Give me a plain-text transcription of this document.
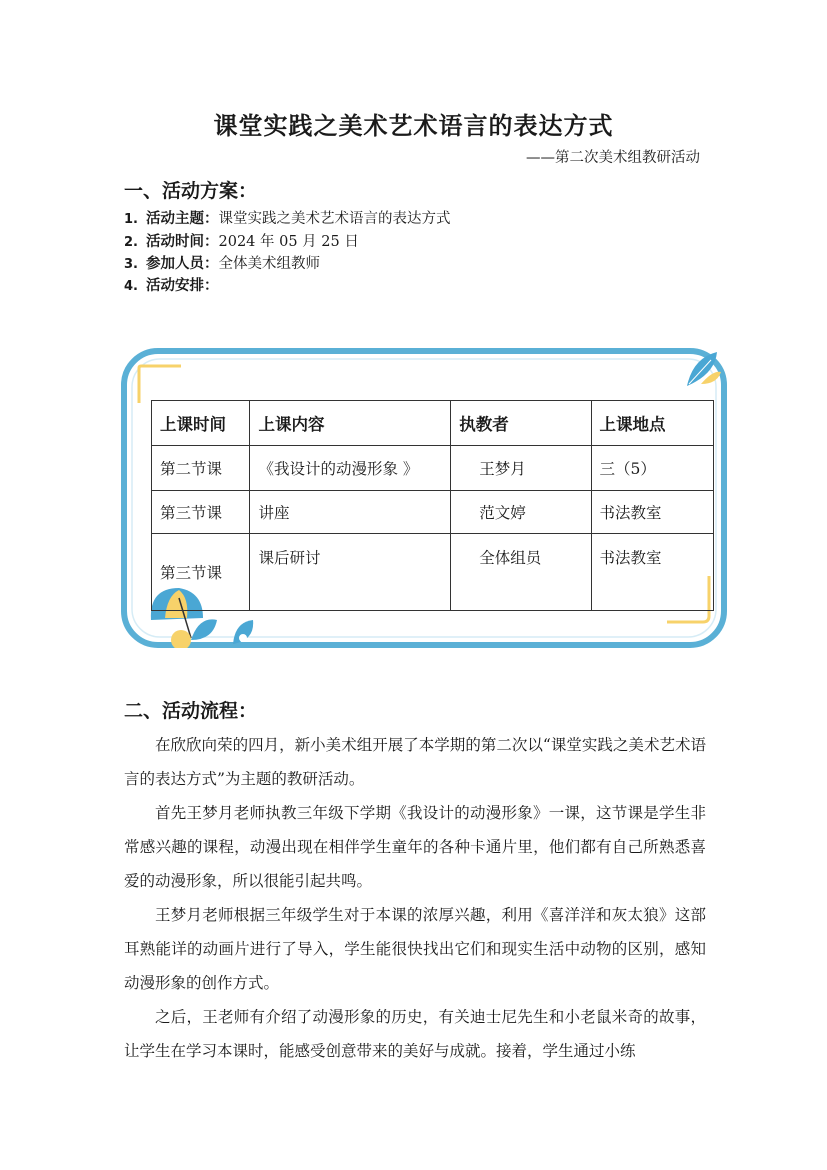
课堂实践之美术艺术语言的表达方式
——第二次美术组教研活动
一、活动方案：
1. 活动主题：课堂实践之美术艺术语言的表达方式
2. 活动时间：2024 年 05 月 25 日
3. 参加人员：全体美术组教师
4. 活动安排：
上课时间	上课内容	执教者	上课地点
第二节课	《我设计的动漫形象 》	王梦月	三（5）
第三节课	讲座	范文婷	书法教室
第三节课	课后研讨	全体组员	书法教室
二、活动流程：

在欣欣向荣的四月，新小美术组开展了本学期的第二次以“课堂实践之美术艺术语言的表达方式”为主题的教研活动。

首先王梦月老师执教三年级下学期《我设计的动漫形象》一课，这节课是学生非常感兴趣的课程，动漫出现在相伴学生童年的各种卡通片里，他们都有自己所熟悉喜爱的动漫形象，所以很能引起共鸣。

王梦月老师根据三年级学生对于本课的浓厚兴趣，利用《喜洋洋和灰太狼》这部耳熟能详的动画片进行了导入，学生能很快找出它们和现实生活中动物的区别，感知动漫形象的创作方式。

之后，王老师有介绍了动漫形象的历史，有关迪士尼先生和小老鼠米奇的故事，让学生在学习本课时，能感受创意带来的美好与成就。接着，学生通过小练
